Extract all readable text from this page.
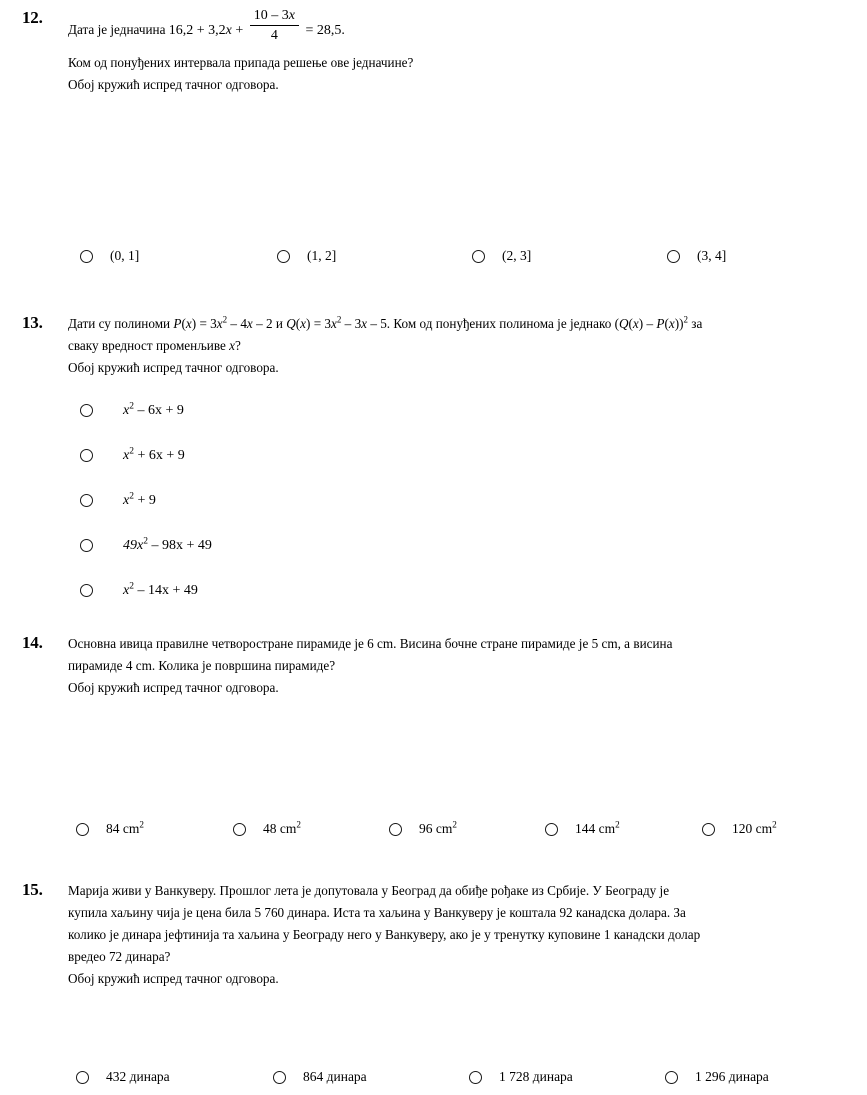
12.
Дата је једначина $16,2 + 3,2x + \frac{10 - 3x}{4} = 28,5$.
Ком од понуђених интервала припада решење ове једначине?
Обој кружић испред тачног одговора.
(0, 1]	(1, 2]	(2, 3]	(3, 4]
13.	Дати су полиноми $P(x) = 3x^2 - 4x - 2$ и $Q(x) = 3x^2 - 3x - 5$. Ком од понуђених полинома је једнако (Q(x) – P(x))$^2$ за
сваку вредност променљиве x?
Обој кружић испред тачног одговора.
$x^2 - 6x + 9$
$x^2 + 6x + 9$
$x^2 + 9$
$49x^2 - 98x + 49$
$x^2 - 14x + 49$
14.	Основна ивица правилне четворостране пирамиде је 6 cm. Висина бочне стране пирамиде је 5 cm, а висина
пирамиде 4 cm. Колика је површина пирамиде?
Обој кружић испред тачног одговора.
84 $cm^2$	48 $cm^2$	96 $cm^2$	144 $cm^2$	120 $cm^2$
15.	Марија живи у Ванкуверу. Прошлог лета је допутовала у Београд да обиђе рођаке из Србије. У Београду је
купила хаљину чија је цена била 5 760 динара. Иста та хаљина у Ванкуверу је коштала 92 канадска долара. За
колико је динара јефтинија та хаљина у Београду него у Ванкуверу, ако је у тренутку куповине 1 канадски долар
вредео 72 динара?
Обој кружић испред тачног одговора.
432 динара	864 динара	1 728 динара	1 296 динара
